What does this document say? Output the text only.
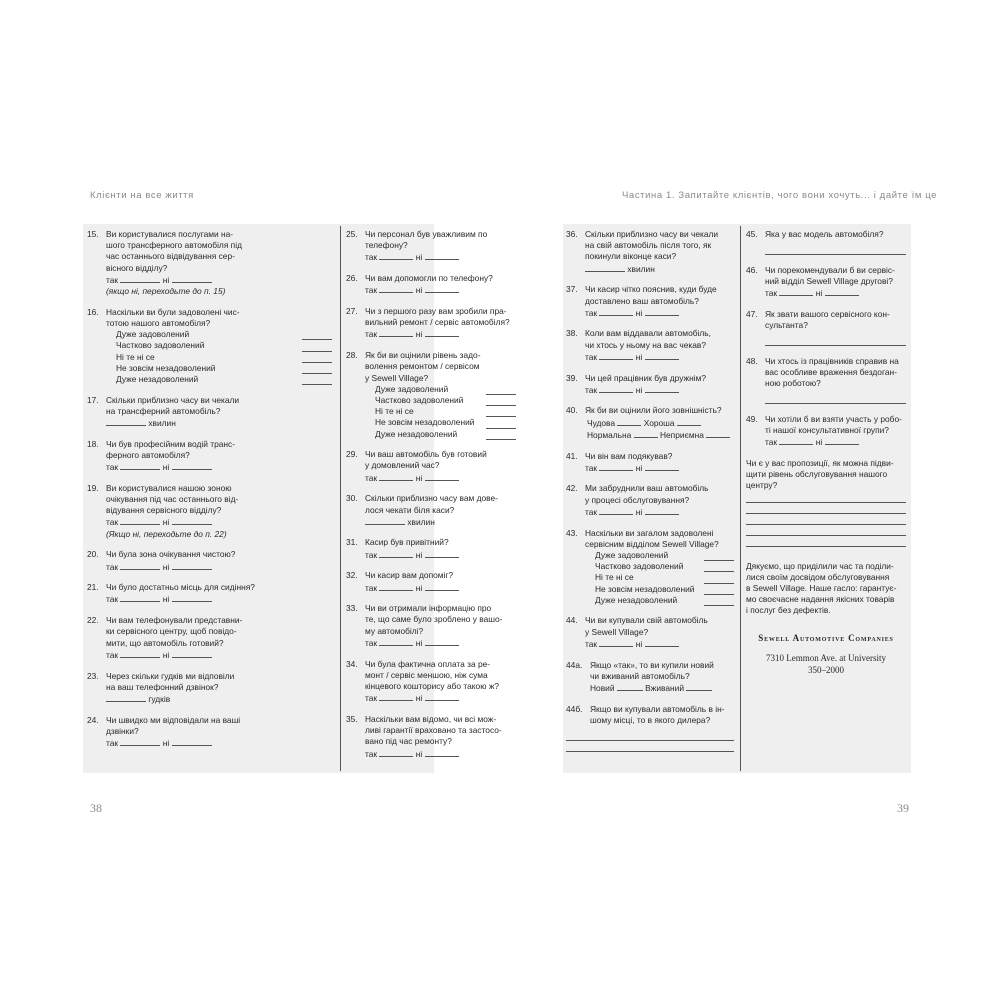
Клієнти на все життя	Частина 1. Запитайте клієнтів, чого вони хочуть... і дайте їм це
15. Ви користувалися послугами на-
шого трансферного автомобіля під
час останнього відвідування сер-
вісного відділу?
так	ні
(якщо ні, переходьте до п. 15)
16. Наскільки ви були задоволені чис-
тотою нашого автомобіля?
Дуже задоволений
Частково задоволений
Ні те ні се
Не зовсім незадоволений
Дуже незадоволений
17. Скільки приблизно часу ви чекали
на трансферний автомобіль?
хвилин
18. Чи був професійним водій транс-
ферного автомобіля?
так	ні
19. Ви користувалися нашою зоною
очікування під час останнього від-
відування сервісного відділу?
так	ні
(Якщо ні, переходьте до п. 22)
20. Чи була зона очікування чистою?
так	ні
21. Чи було достатньо місць для сидіння?
так	ні
22. Чи вам телефонували представни-
ки сервісного центру, щоб повідо-
мити, що автомобіль готовий?
так	ні
23. Через скільки гудків ми відповіли
на ваш телефонний дзвінок?
гудків
24. Чи швидко ми відповідали на ваші
дзвінки?
так	ні
25. Чи персонал був уважливим по
телефону?
так	ні
26. Чи вам допомогли по телефону?
так	ні
27. Чи з першого разу вам зробили пра-
вильний ремонт / сервіс автомобіля?
так	ні
28. Як би ви оцінили рівень задо-
волення ремонтом / сервісом
у Sewell Village?
Дуже задоволений
Частково задоволений
Ні те ні се
Не зовсім незадоволений
Дуже незадоволений
29. Чи ваш автомобіль був готовий
у домовлений час?
так	ні
30. Скільки приблизно часу вам дове-
лося чекати біля каси?
хвилин
31. Касир був привітний?
так	ні
32. Чи касир вам допоміг?
так	ні
33. Чи ви отримали інформацію про
те, що саме було зроблено у вашо-
му автомобілі?
так	ні
34. Чи була фактична оплата за ре-
монт / сервіс меншою, ніж сума
кінцевого кошторису або такою ж?
так	ні
35. Наскільки вам відомо, чи всі мож-
ливі гарантії враховано та застосо-
вано під час ремонту?
так	ні
36. Скільки приблизно часу ви чекали
на свій автомобіль після того, як
покинули віконце каси?
хвилин
37. Чи касир чітко пояснив, куди буде
доставлено ваш автомобіль?
так	ні
38. Коли вам віддавали автомобіль,
чи хтось у ньому на вас чекав?
так	ні
39. Чи цей працівник був дружнім?
так	ні
40. Як би ви оцінили його зовнішність?
Чудова	Хороша
Нормальна	Неприємна
41. Чи він вам подякував?
так	ні
42. Ми забруднили ваш автомобіль
у процесі обслуговування?
так	ні
43. Наскільки ви загалом задоволені
сервісним відділом Sewell Village?
Дуже задоволений
Частково задоволений
Ні те ні се
Не зовсім незадоволений
Дуже незадоволений
44. Чи ви купували свій автомобіль
у Sewell Village?
так	ні
44а. Якщо «так», то ви купили новий
чи вживаний автомобіль?
Новий	Вживаний
44б. Якщо ви купували автомобіль в ін-
шому місці, то в якого дилера?
45. Яка у вас модель автомобіля?
46. Чи порекомендували б ви сервіс-
ний відділ Sewell Village другові?
так	ні
47. Як звати вашого сервісного кон-
сультанта?
48. Чи хтось із працівників справив на
вас особливе враження бездоган-
ною роботою?
49. Чи хотіли б ви взяти участь у робо-
ті нашої консультативної групи?
так	ні
Чи є у вас пропозиції, як можна підви-
щити рівень обслуговування нашого
центру?
Дякуємо, що приділили час та поділи-
лися своїм досвідом обслуговування
в Sewell Village. Наше гасло: гарантує-
мо своєчасне надання якісних товарів
і послуг без дефектів.
Sewell Automotive Companies
7310 Lemmon Ave. at University
350–2000
38	39
